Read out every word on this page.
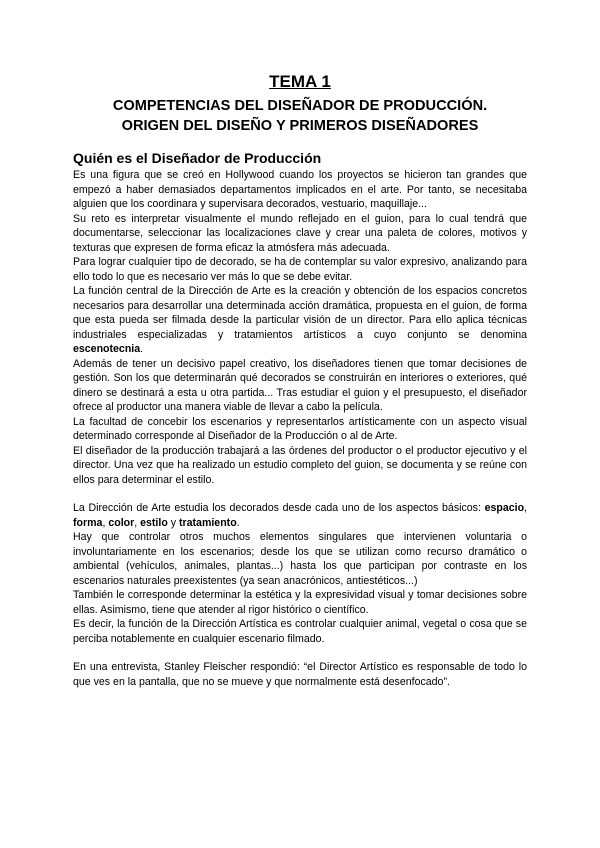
TEMA 1
COMPETENCIAS DEL DISEÑADOR DE PRODUCCIÓN.
ORIGEN DEL DISEÑO Y PRIMEROS DISEÑADORES
Quién es el Diseñador de Producción

Es una figura que se creó en Hollywood cuando los proyectos se hicieron tan grandes que empezó a haber demasiados departamentos implicados en el arte. Por tanto, se necesitaba alguien que los coordinara y supervisara decorados, vestuario, maquillaje...

Su reto es interpretar visualmente el mundo reflejado en el guion, para lo cual tendrá que documentarse, seleccionar las localizaciones clave y crear una paleta de colores, motivos y texturas que expresen de forma eficaz la atmósfera más adecuada.

Para lograr cualquier tipo de decorado, se ha de contemplar su valor expresivo, analizando para ello todo lo que es necesario ver más lo que se debe evitar.

La función central de la Dirección de Arte es la creación y obtención de los espacios concretos necesarios para desarrollar una determinada acción dramática, propuesta en el guion, de forma que esta pueda ser filmada desde la particular visión de un director. Para ello aplica técnicas industriales especializadas y tratamientos artísticos a cuyo conjunto se denomina escenotecnia.

Además de tener un decisivo papel creativo, los diseñadores tienen que tomar decisiones de gestión. Son los que determinarán qué decorados se construirán en interiores o exteriores, qué dinero se destinará a esta u otra partida... Tras estudiar el guion y el presupuesto, el diseñador ofrece al productor una manera viable de llevar a cabo la película.

La facultad de concebir los escenarios y representarlos artísticamente con un aspecto visual determinado corresponde al Diseñador de la Producción o al de Arte.

El diseñador de la producción trabajará a las órdenes del productor o el productor ejecutivo y el director. Una vez que ha realizado un estudio completo del guion, se documenta y se reúne con ellos para determinar el estilo.

La Dirección de Arte estudia los decorados desde cada uno de los aspectos básicos: espacio, forma, color, estilo y tratamiento.

Hay que controlar otros muchos elementos singulares que intervienen voluntaria o involuntariamente en los escenarios; desde los que se utilizan como recurso dramático o ambiental (vehículos, animales, plantas...) hasta los que participan por contraste en los escenarios naturales preexistentes (ya sean anacrónicos, antiestéticos...)

También le corresponde determinar la estética y la expresividad visual y tomar decisiones sobre ellas. Asimismo, tiene que atender al rigor histórico o científico.

Es decir, la función de la Dirección Artística es controlar cualquier animal, vegetal o cosa que se perciba notablemente en cualquier escenario filmado.

En una entrevista, Stanley Fleischer respondió: “el Director Artístico es responsable de todo lo que ves en la pantalla, que no se mueve y que normalmente está desenfocado”.
